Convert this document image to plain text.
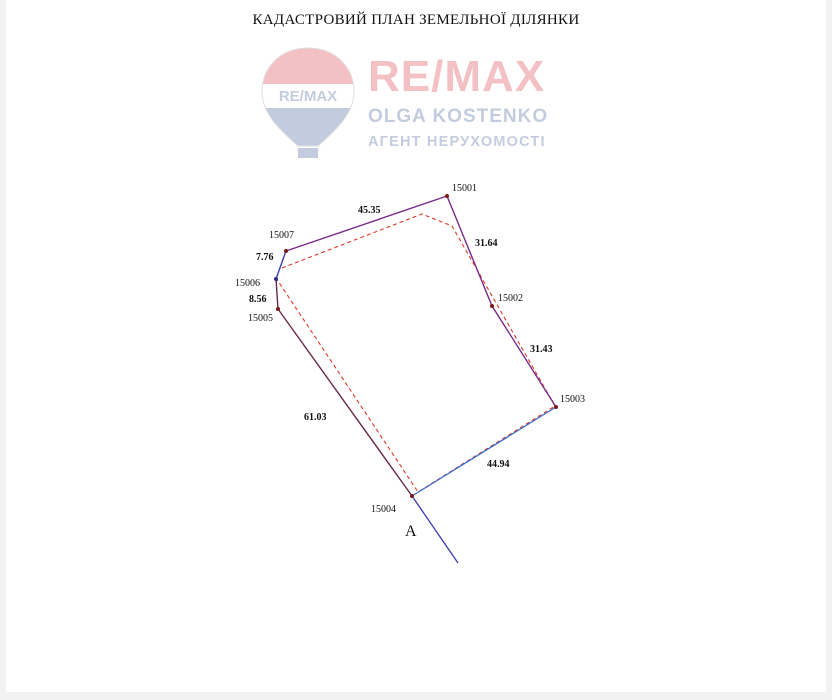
КАДАСТРОВИЙ ПЛАН ЗЕМЕЛЬНОЇ ДІЛЯНКИ
RE/MAX RE/MAX
OLGA KOSTENKO
АГЕНТ НЕРУХОМОСТІ
15001
15002
15003
15004
15005
15006
15007
45.35
31.64
31.43
44.94
61.03
8.56
7.76
A
